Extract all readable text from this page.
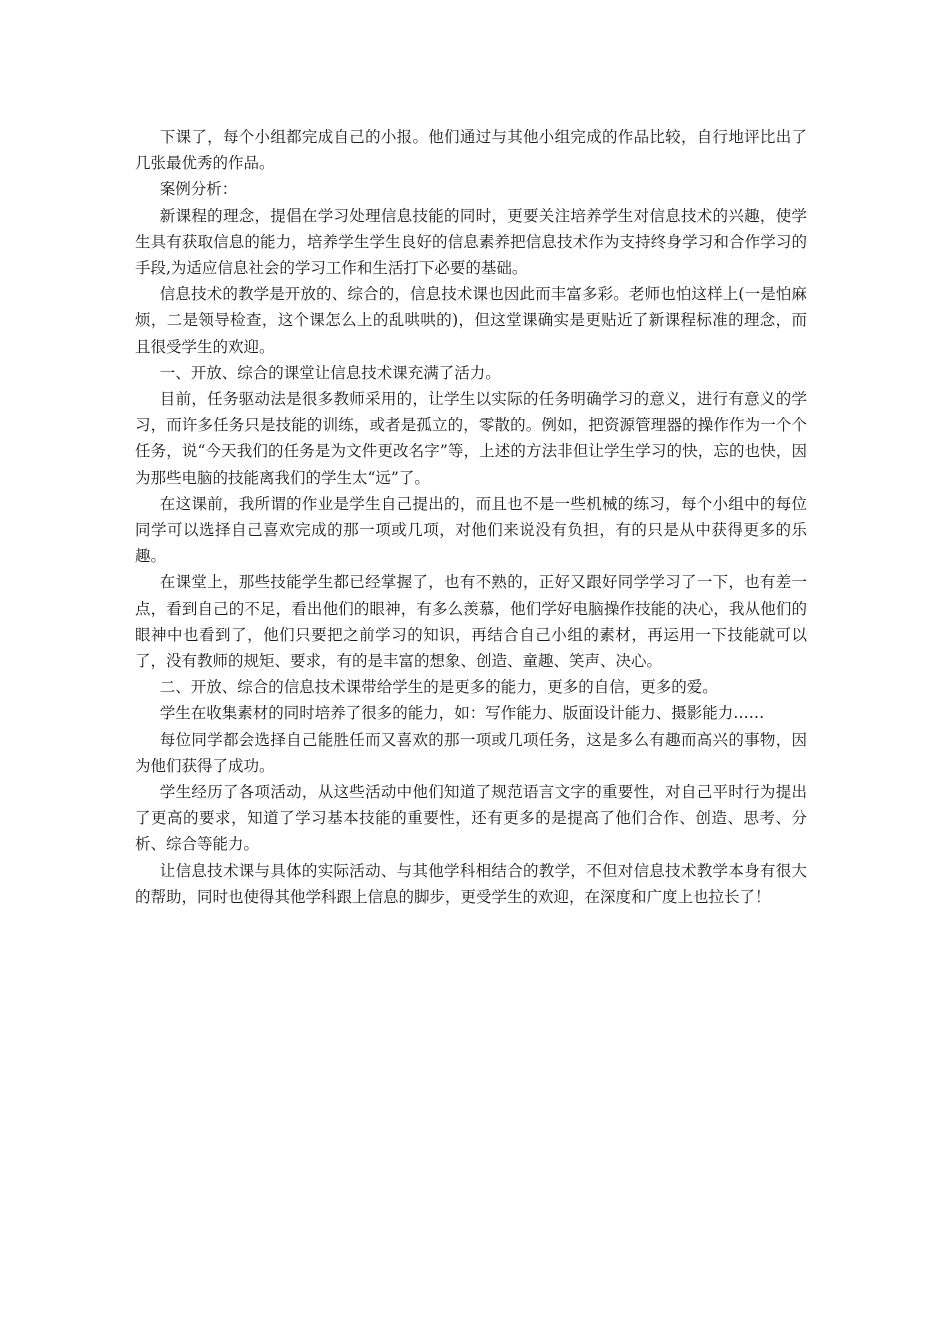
下课了，每个小组都完成自己的小报。他们通过与其他小组完成的作品比较，自行地评比出了几张最优秀的作品。

案例分析：

新课程的理念，提倡在学习处理信息技能的同时，更要关注培养学生对信息技术的兴趣，使学生具有获取信息的能力，培养学生学生良好的信息素养把信息技术作为支持终身学习和合作学习的手段,为适应信息社会的学习工作和生活打下必要的基础。

信息技术的教学是开放的、综合的，信息技术课也因此而丰富多彩。老师也怕这样上(一是怕麻烦，二是领导检查，这个课怎么上的乱哄哄的)，但这堂课确实是更贴近了新课程标准的理念，而且很受学生的欢迎。

一、开放、综合的课堂让信息技术课充满了活力。

目前，任务驱动法是很多教师采用的，让学生以实际的任务明确学习的意义，进行有意义的学习，而许多任务只是技能的训练，或者是孤立的，零散的。例如，把资源管理器的操作作为一个个任务，说“今天我们的任务是为文件更改名字”等，上述的方法非但让学生学习的快，忘的也快，因为那些电脑的技能离我们的学生太“远”了。

在这课前，我所谓的作业是学生自己提出的，而且也不是一些机械的练习，每个小组中的每位同学可以选择自己喜欢完成的那一项或几项，对他们来说没有负担，有的只是从中获得更多的乐趣。

在课堂上，那些技能学生都已经掌握了，也有不熟的，正好又跟好同学学习了一下，也有差一点，看到自己的不足，看出他们的眼神，有多么羡慕，他们学好电脑操作技能的决心，我从他们的眼神中也看到了，他们只要把之前学习的知识，再结合自己小组的素材，再运用一下技能就可以了，没有教师的规矩、要求，有的是丰富的想象、创造、童趣、笑声、决心。

二、开放、综合的信息技术课带给学生的是更多的能力，更多的自信，更多的爱。

学生在收集素材的同时培养了很多的能力，如：写作能力、版面设计能力、摄影能力……

每位同学都会选择自己能胜任而又喜欢的那一项或几项任务，这是多么有趣而高兴的事物，因为他们获得了成功。

学生经历了各项活动，从这些活动中他们知道了规范语言文字的重要性，对自己平时行为提出了更高的要求，知道了学习基本技能的重要性，还有更多的是提高了他们合作、创造、思考、分析、综合等能力。

让信息技术课与具体的实际活动、与其他学科相结合的教学，不但对信息技术教学本身有很大的帮助，同时也使得其他学科跟上信息的脚步，更受学生的欢迎，在深度和广度上也拉长了！
